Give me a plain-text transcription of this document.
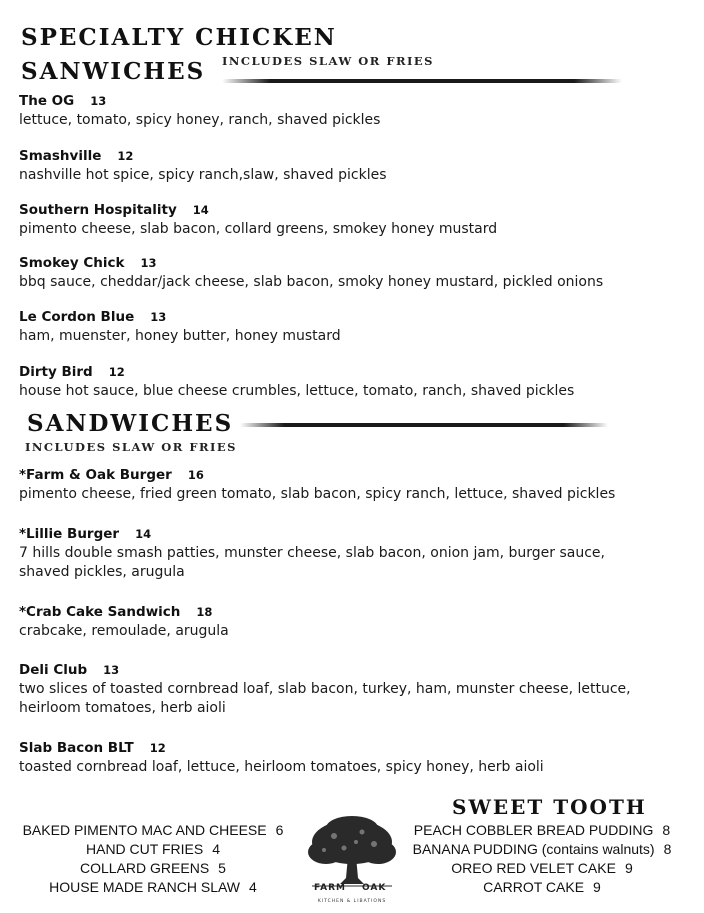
SPECIALTY CHICKEN
SANWICHES INCLUDES SLAW OR FRIES
The OG 13
lettuce, tomato, spicy honey, ranch, shaved pickles
Smashville 12
nashville hot spice, spicy ranch,slaw, shaved pickles
Southern Hospitality 14
pimento cheese, slab bacon, collard greens, smokey honey mustard
Smokey Chick 13
bbq sauce, cheddar/jack cheese, slab bacon, smoky honey mustard, pickled onions
Le Cordon Blue 13
ham, muenster, honey butter, honey mustard
Dirty Bird 12
house hot sauce, blue cheese crumbles, lettuce, tomato, ranch, shaved pickles
SANDWICHES
INCLUDES SLAW OR FRIES
*Farm & Oak Burger 16
pimento cheese, fried green tomato, slab bacon, spicy ranch, lettuce, shaved pickles
*Lillie Burger 14
7 hills double smash patties, munster cheese, slab bacon, onion jam, burger sauce,
shaved pickles, arugula
*Crab Cake Sandwich 18
crabcake, remoulade, arugula
Deli Club 13
two slices of toasted cornbread loaf, slab bacon, turkey, ham, munster cheese, lettuce,
heirloom tomatoes, herb aioli
Slab Bacon BLT 12
toasted cornbread loaf, lettuce, heirloom tomatoes, spicy honey, herb aioli
BAKED PIMENTO MAC AND CHEESE 6
HAND CUT FRIES 4
COLLARD GREENS 5
HOUSE MADE RANCH SLAW 4	FARM OAK
KITCHEN & LIBATIONS
SWEET TOOTH
PEACH COBBLER BREAD PUDDING 8
BANANA PUDDING (contains walnuts) 8
OREO RED VELET CAKE 9
CARROT CAKE 9
